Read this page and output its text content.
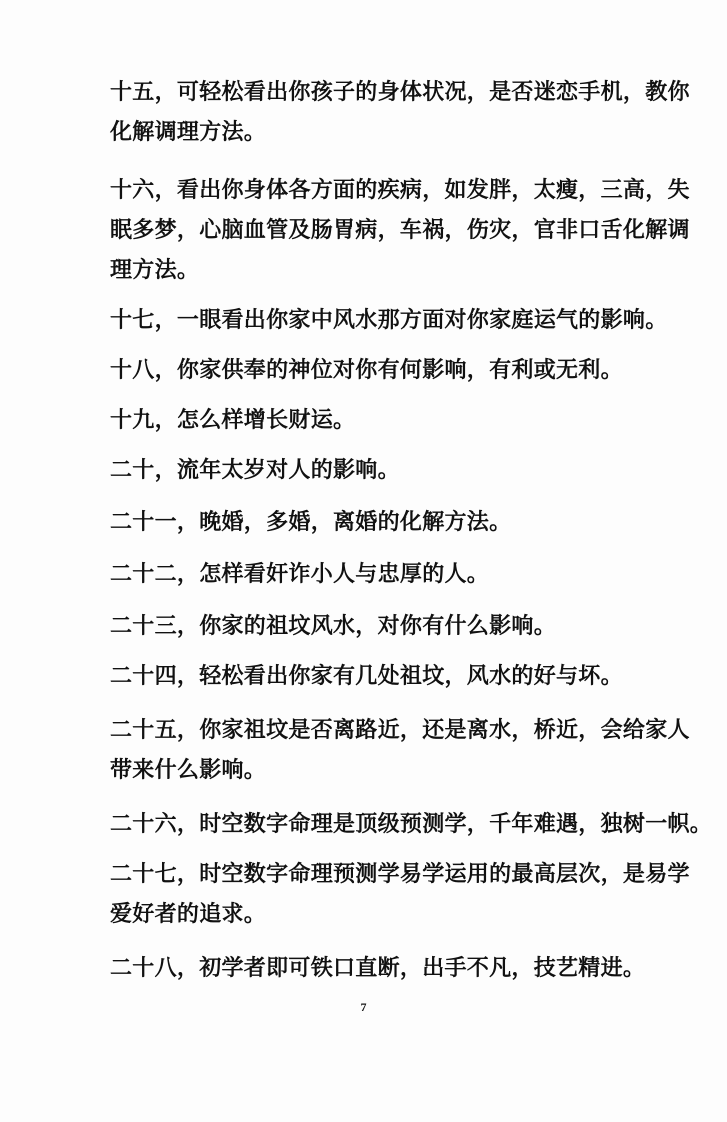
十五，可轻松看出你孩子的身体状况，是否迷恋手机，教你
化解调理方法。
十六，看出你身体各方面的疾病，如发胖，太瘦，三高，失
眠多梦，心脑血管及肠胃病，车祸，伤灾，官非口舌化解调
理方法。
十七，一眼看出你家中风水那方面对你家庭运气的影响。
十八，你家供奉的神位对你有何影响，有利或无利。
十九，怎么样增长财运。
二十，流年太岁对人的影响。
二十一，晚婚，多婚，离婚的化解方法。
二十二，怎样看奸诈小人与忠厚的人。
二十三，你家的祖坟风水，对你有什么影响。
二十四，轻松看出你家有几处祖坟，风水的好与坏。
二十五，你家祖坟是否离路近，还是离水，桥近，会给家人
带来什么影响。
二十六，时空数字命理是顶级预测学，千年难遇，独树一帜。
二十七，时空数字命理预测学易学运用的最高层次，是易学
爱好者的追求。
二十八，初学者即可铁口直断，出手不凡，技艺精进。
7
